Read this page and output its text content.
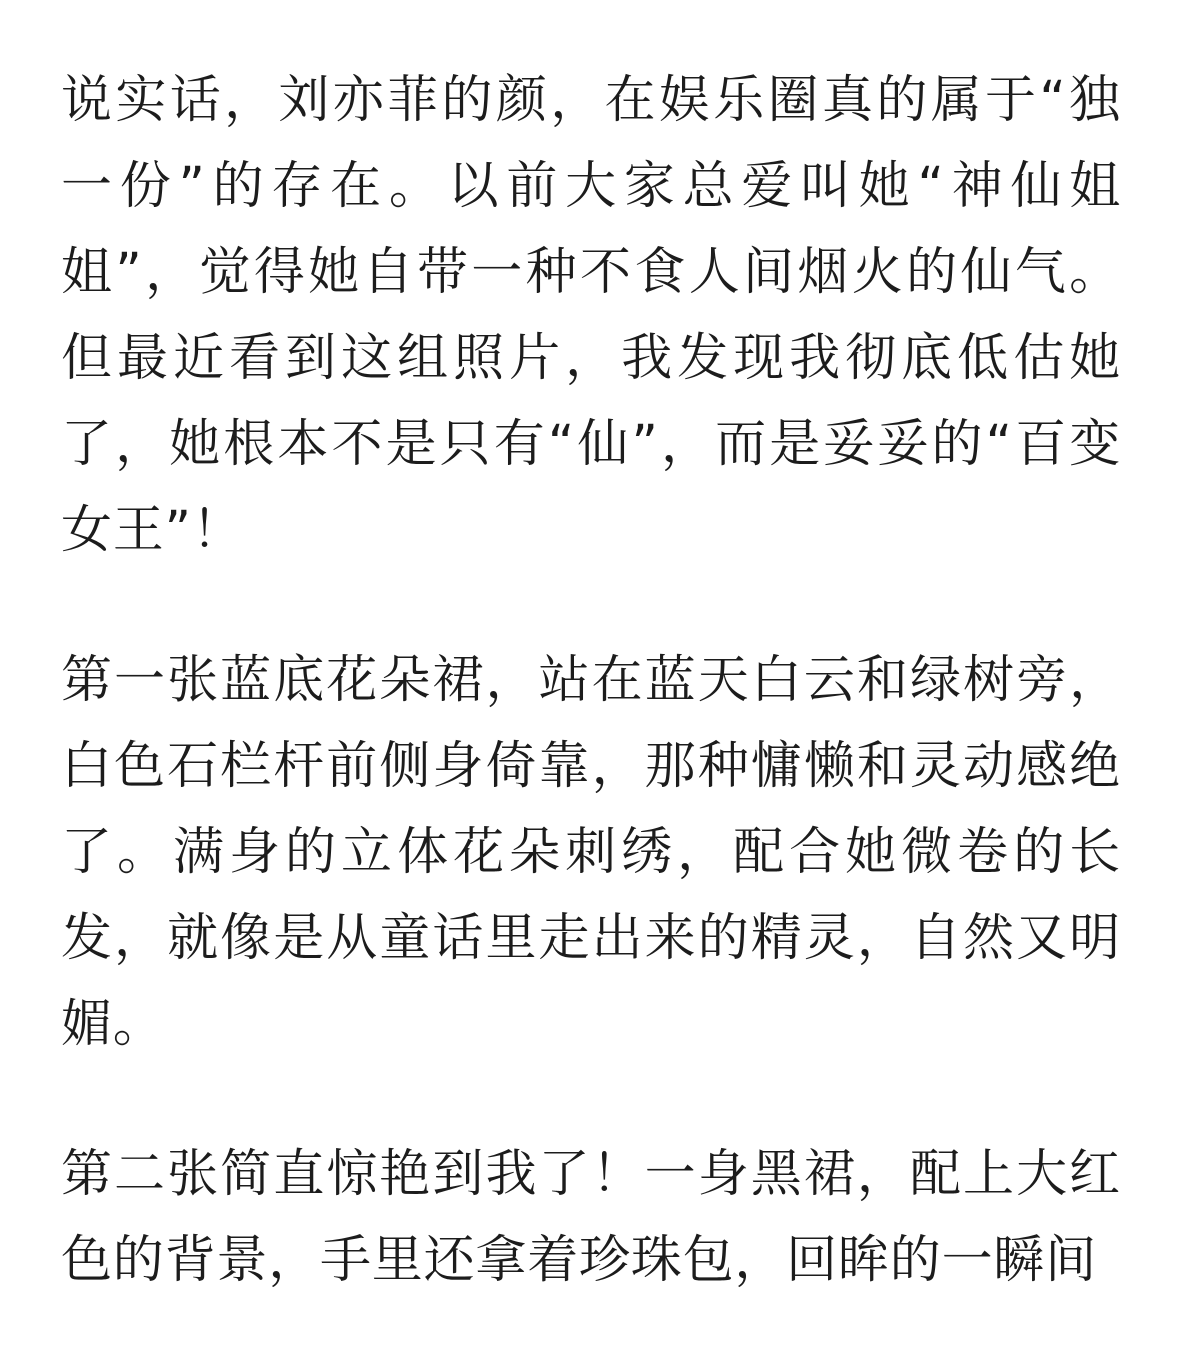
说实话，刘亦菲的颜，在娱乐圈真的属于“独一份”的存在。以前大家总爱叫她“神仙姐姐”，觉得她自带一种不食人间烟火的仙气。但最近看到这组照片，我发现我彻底低估她了，她根本不是只有“仙”，而是妥妥的“百变女王”！

第一张蓝底花朵裙，站在蓝天白云和绿树旁，白色石栏杆前侧身倚靠，那种慵懒和灵动感绝了。满身的立体花朵刺绣，配合她微卷的长发，就像是从童话里走出来的精灵，自然又明媚。

第二张简直惊艳到我了！一身黑裙，配上大红色的背景，手里还拿着珍珠包，回眸的一瞬间
